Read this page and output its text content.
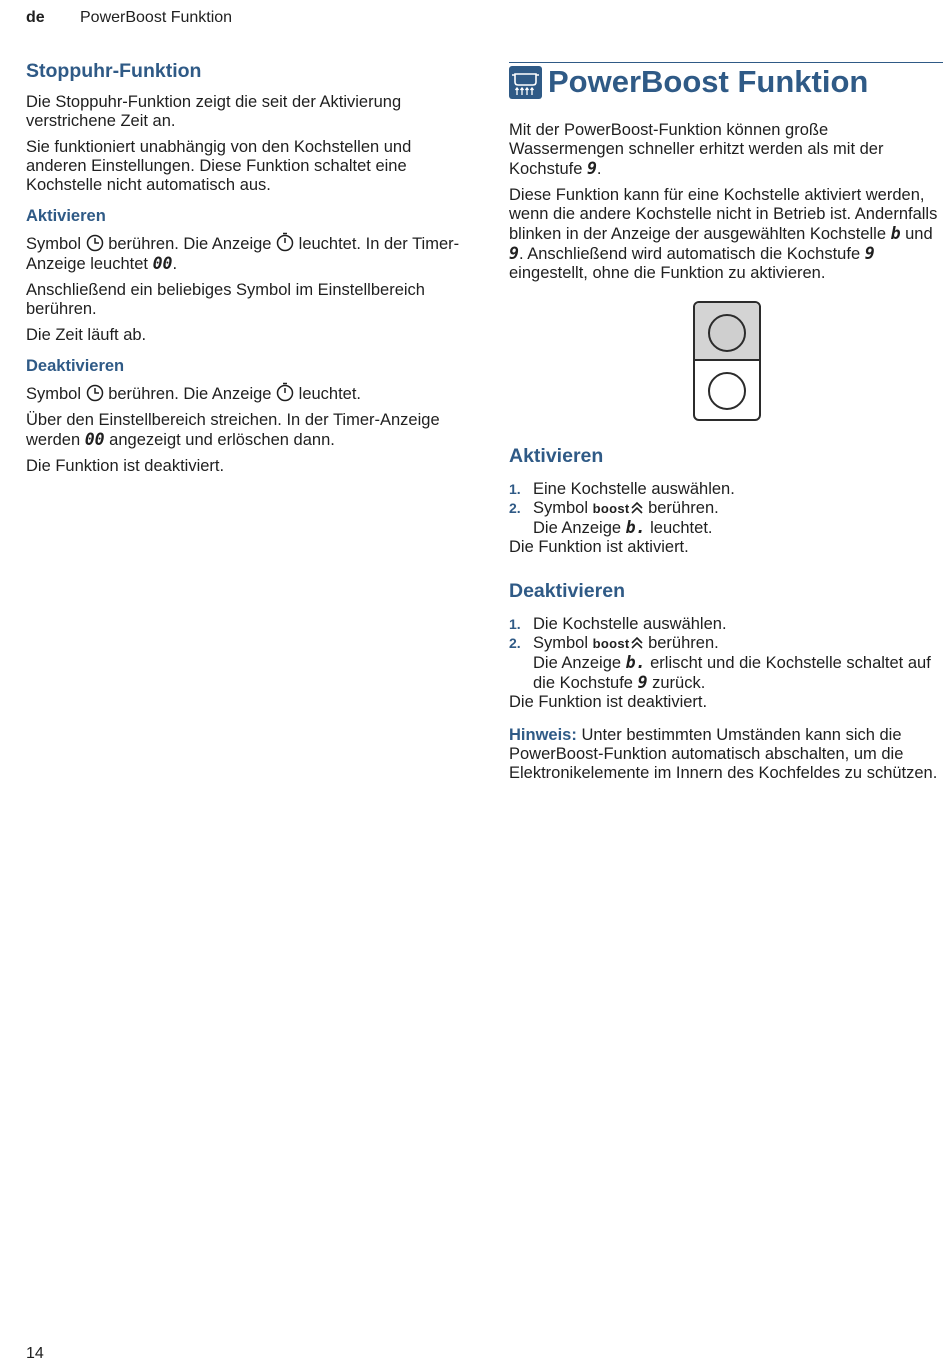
de PowerBoost Funktion
Stoppuhr-Funktion

Die Stoppuhr-Funktion zeigt die seit der Aktivierung verstrichene Zeit an.

Sie funktioniert unabhängig von den Kochstellen und anderen Einstellungen. Diese Funktion schaltet eine Kochstelle nicht automatisch aus.

Aktivieren

Symbol  berühren. Die Anzeige  leuchtet. In der Timer-Anzeige leuchtet 00.

Anschließend ein beliebiges Symbol im Einstellbereich berühren.

Die Zeit läuft ab.

Deaktivieren

Symbol  berühren. Die Anzeige  leuchtet.

Über den Einstellbereich streichen. In der Timer-Anzeige werden 00 angezeigt und erlöschen dann.

Die Funktion ist deaktiviert.

PowerBoost Funktion

Mit der PowerBoost-Funktion können große Wassermengen schneller erhitzt werden als mit der Kochstufe 9.

Diese Funktion kann für eine Kochstelle aktiviert werden, wenn die andere Kochstelle nicht in Betrieb ist. Andernfalls blinken in der Anzeige der ausgewählten Kochstelle b und 9. Anschließend wird automatisch die Kochstufe 9 eingestellt, ohne die Funktion zu aktivieren.

Aktivieren
1. Eine Kochstelle auswählen.
2. Symbol boost berühren.
Die Anzeige b. leuchtet.

Die Funktion ist aktiviert.

Deaktivieren
1. Die Kochstelle auswählen.
2. Symbol boost berühren.
Die Anzeige b. erlischt und die Kochstelle schaltet auf die Kochstufe 9 zurück.

Die Funktion ist deaktiviert.

Hinweis: Unter bestimmten Umständen kann sich die PowerBoost-Funktion automatisch abschalten, um die Elektronikelemente im Innern des Kochfeldes zu schützen.

14
